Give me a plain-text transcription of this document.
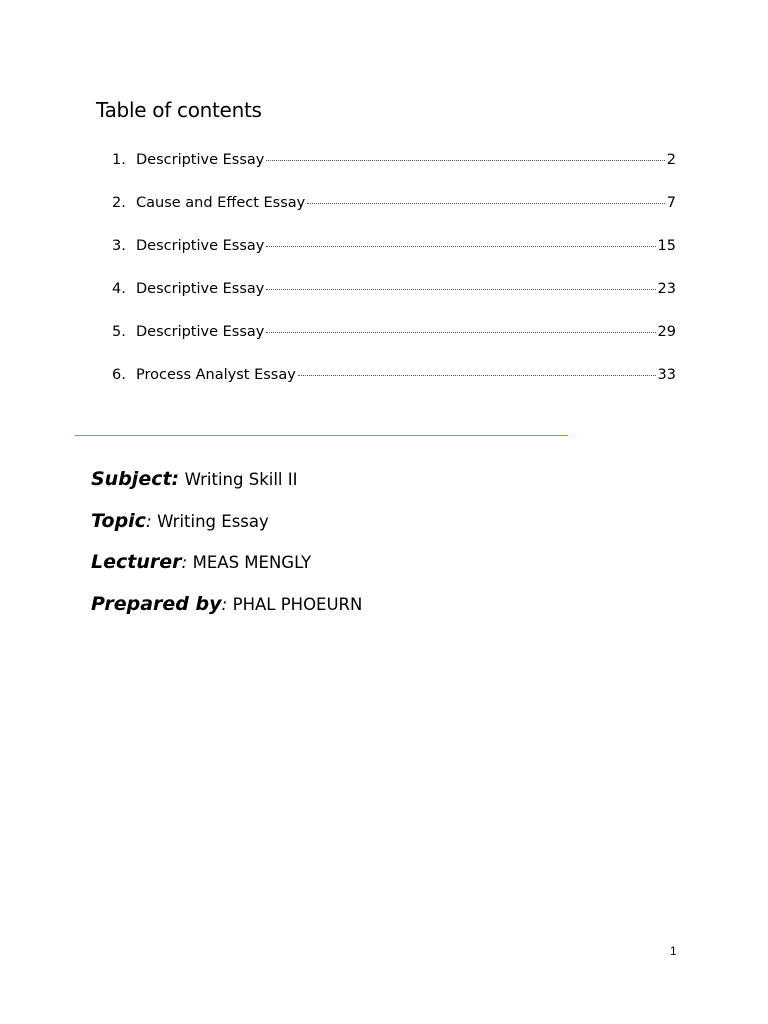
Table of contents
1. Descriptive Essay	2
2. Cause and Effect Essay	7
3. Descriptive Essay	15
4. Descriptive Essay	23
5. Descriptive Essay	29
6. Process Analyst Essay	33
Subject: Writing Skill II
Topic: Writing Essay
Lecturer: MEAS MENGLY
Prepared by: PHAL PHOEURN
1
